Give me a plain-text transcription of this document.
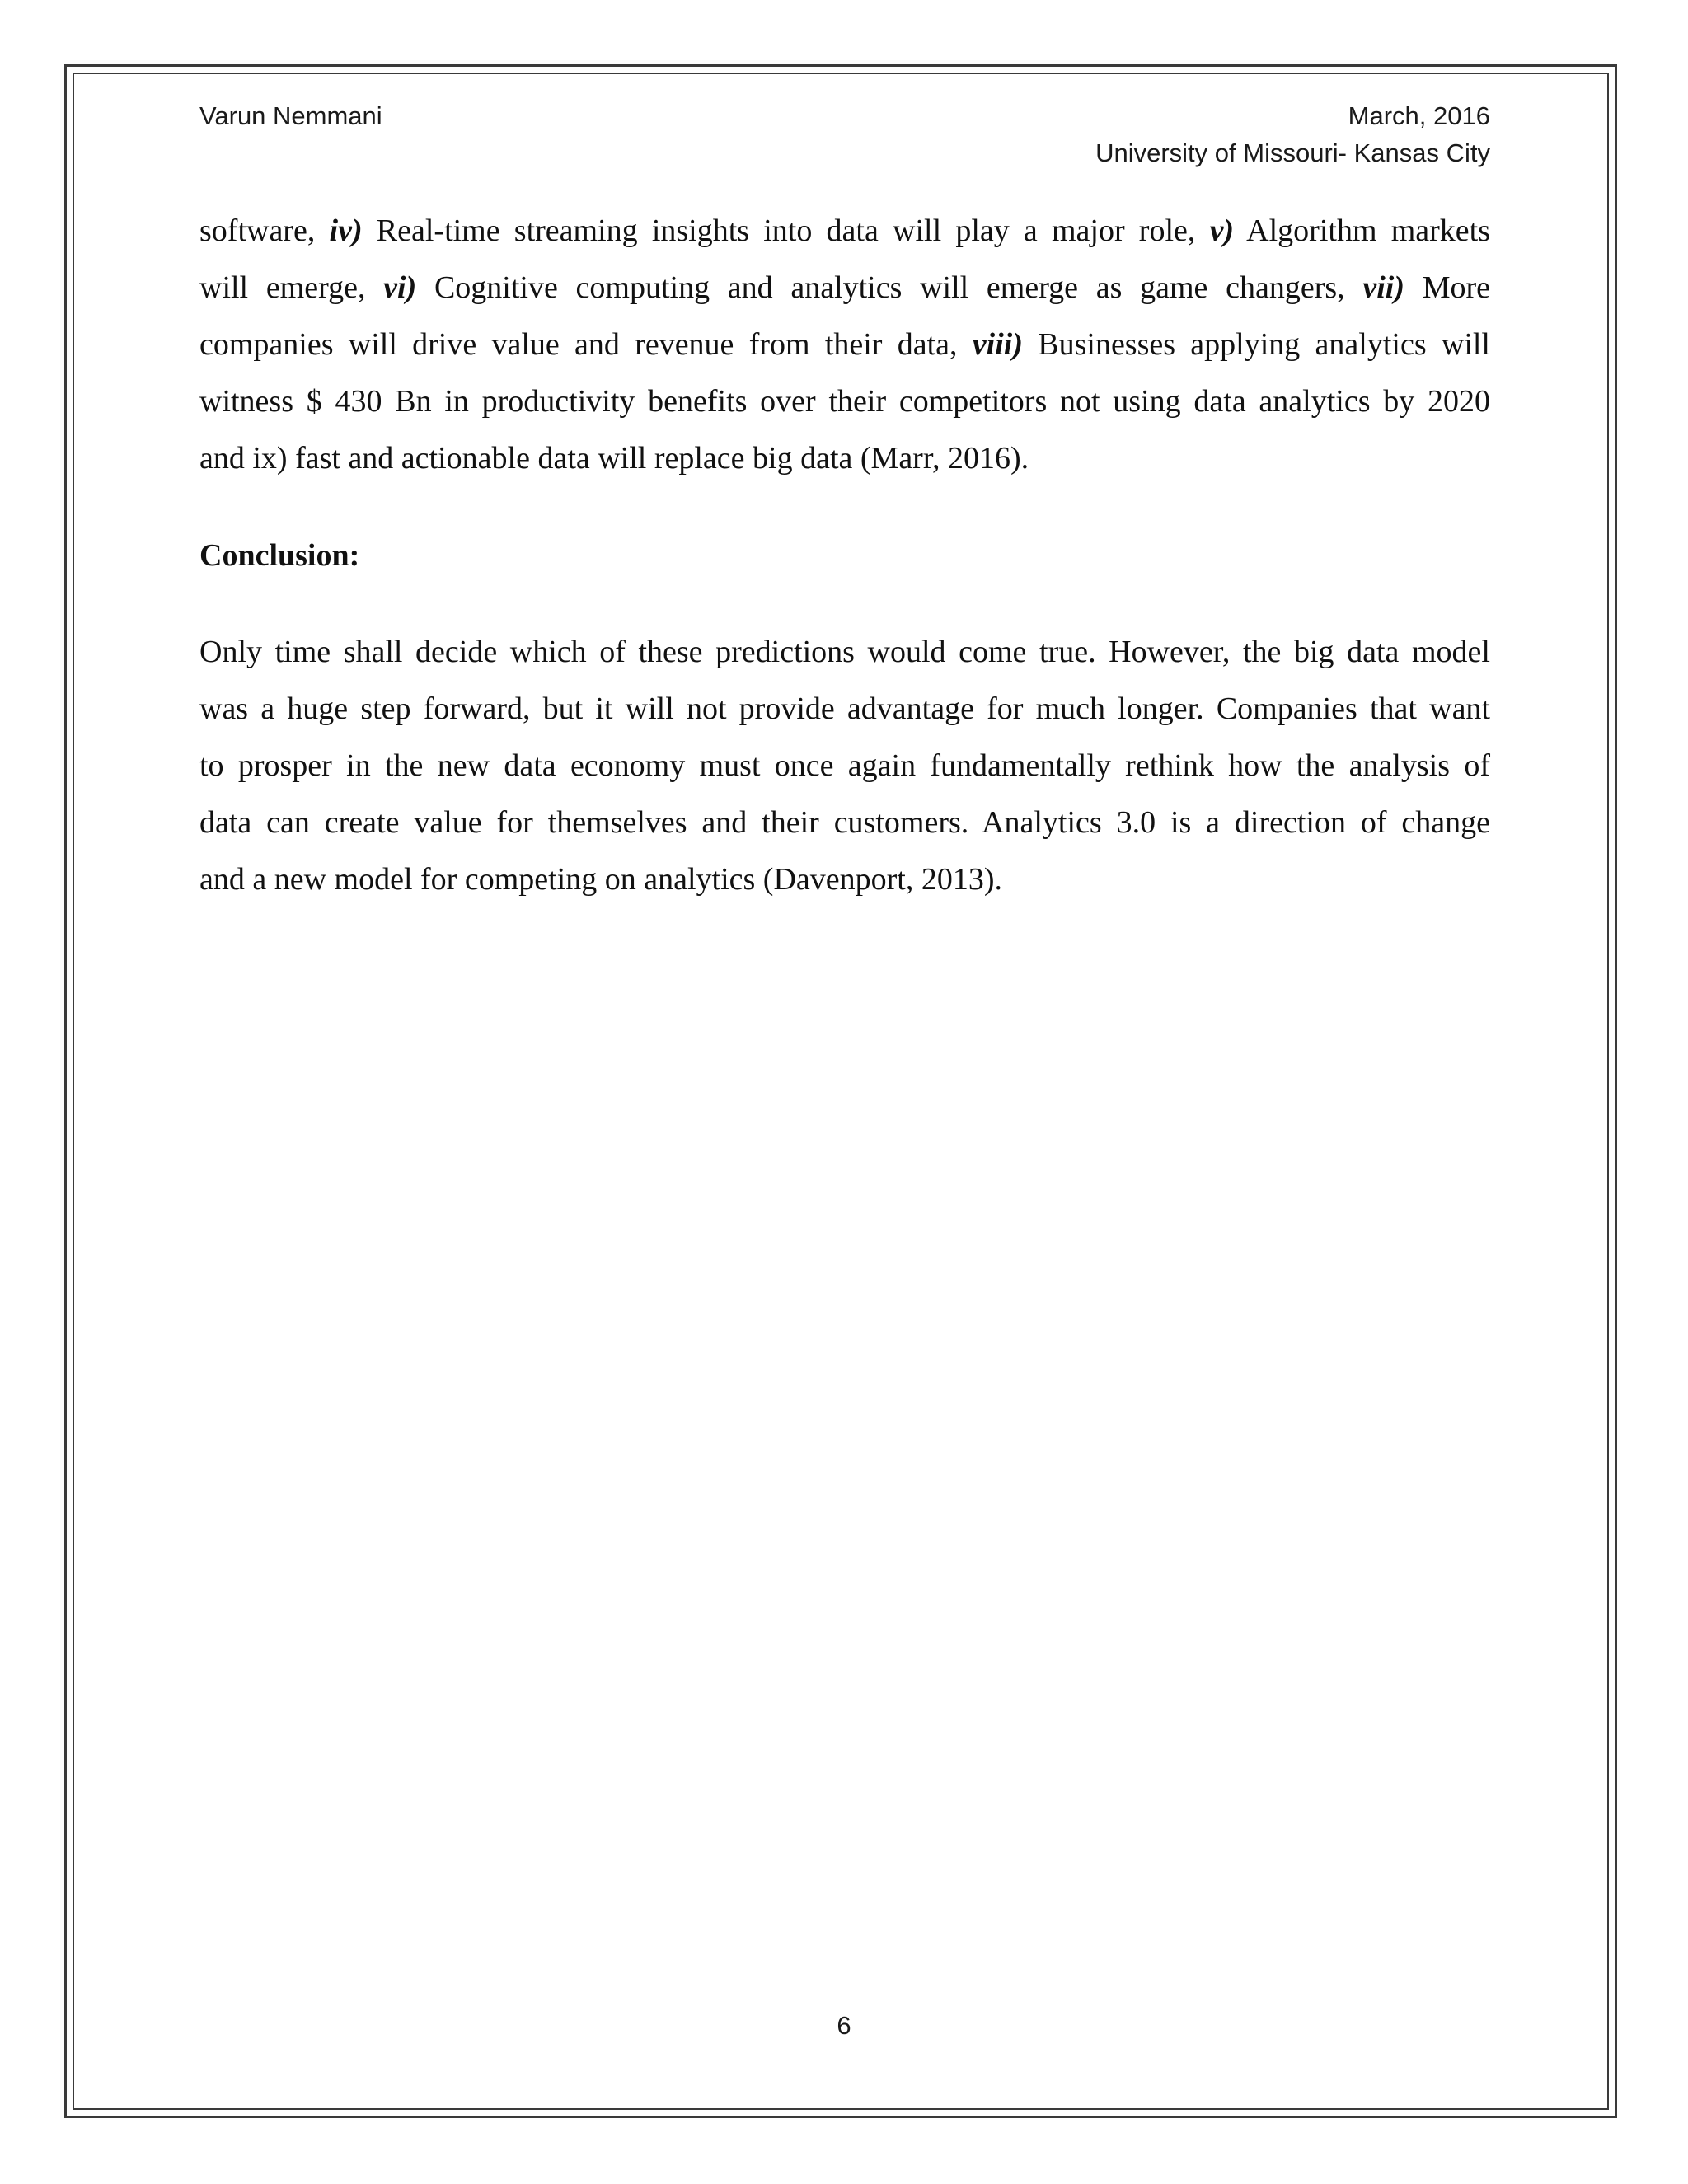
Varun Nemmani	March, 2016
University of Missouri- Kansas City
software, iv) Real-time streaming insights into data will play a major role, v) Algorithm markets
will emerge, vi) Cognitive computing and analytics will emerge as game changers, vii) More
companies will drive value and revenue from their data, viii) Businesses applying analytics will
witness $ 430 Bn in productivity benefits over their competitors not using data analytics by 2020
and ix) fast and actionable data will replace big data (Marr, 2016).
Conclusion:
Only time shall decide which of these predictions would come true. However, the big data model
was a huge step forward, but it will not provide advantage for much longer. Companies that want
to prosper in the new data economy must once again fundamentally rethink how the analysis of
data can create value for themselves and their customers. Analytics 3.0 is a direction of change
and a new model for competing on analytics (Davenport, 2013).
6
